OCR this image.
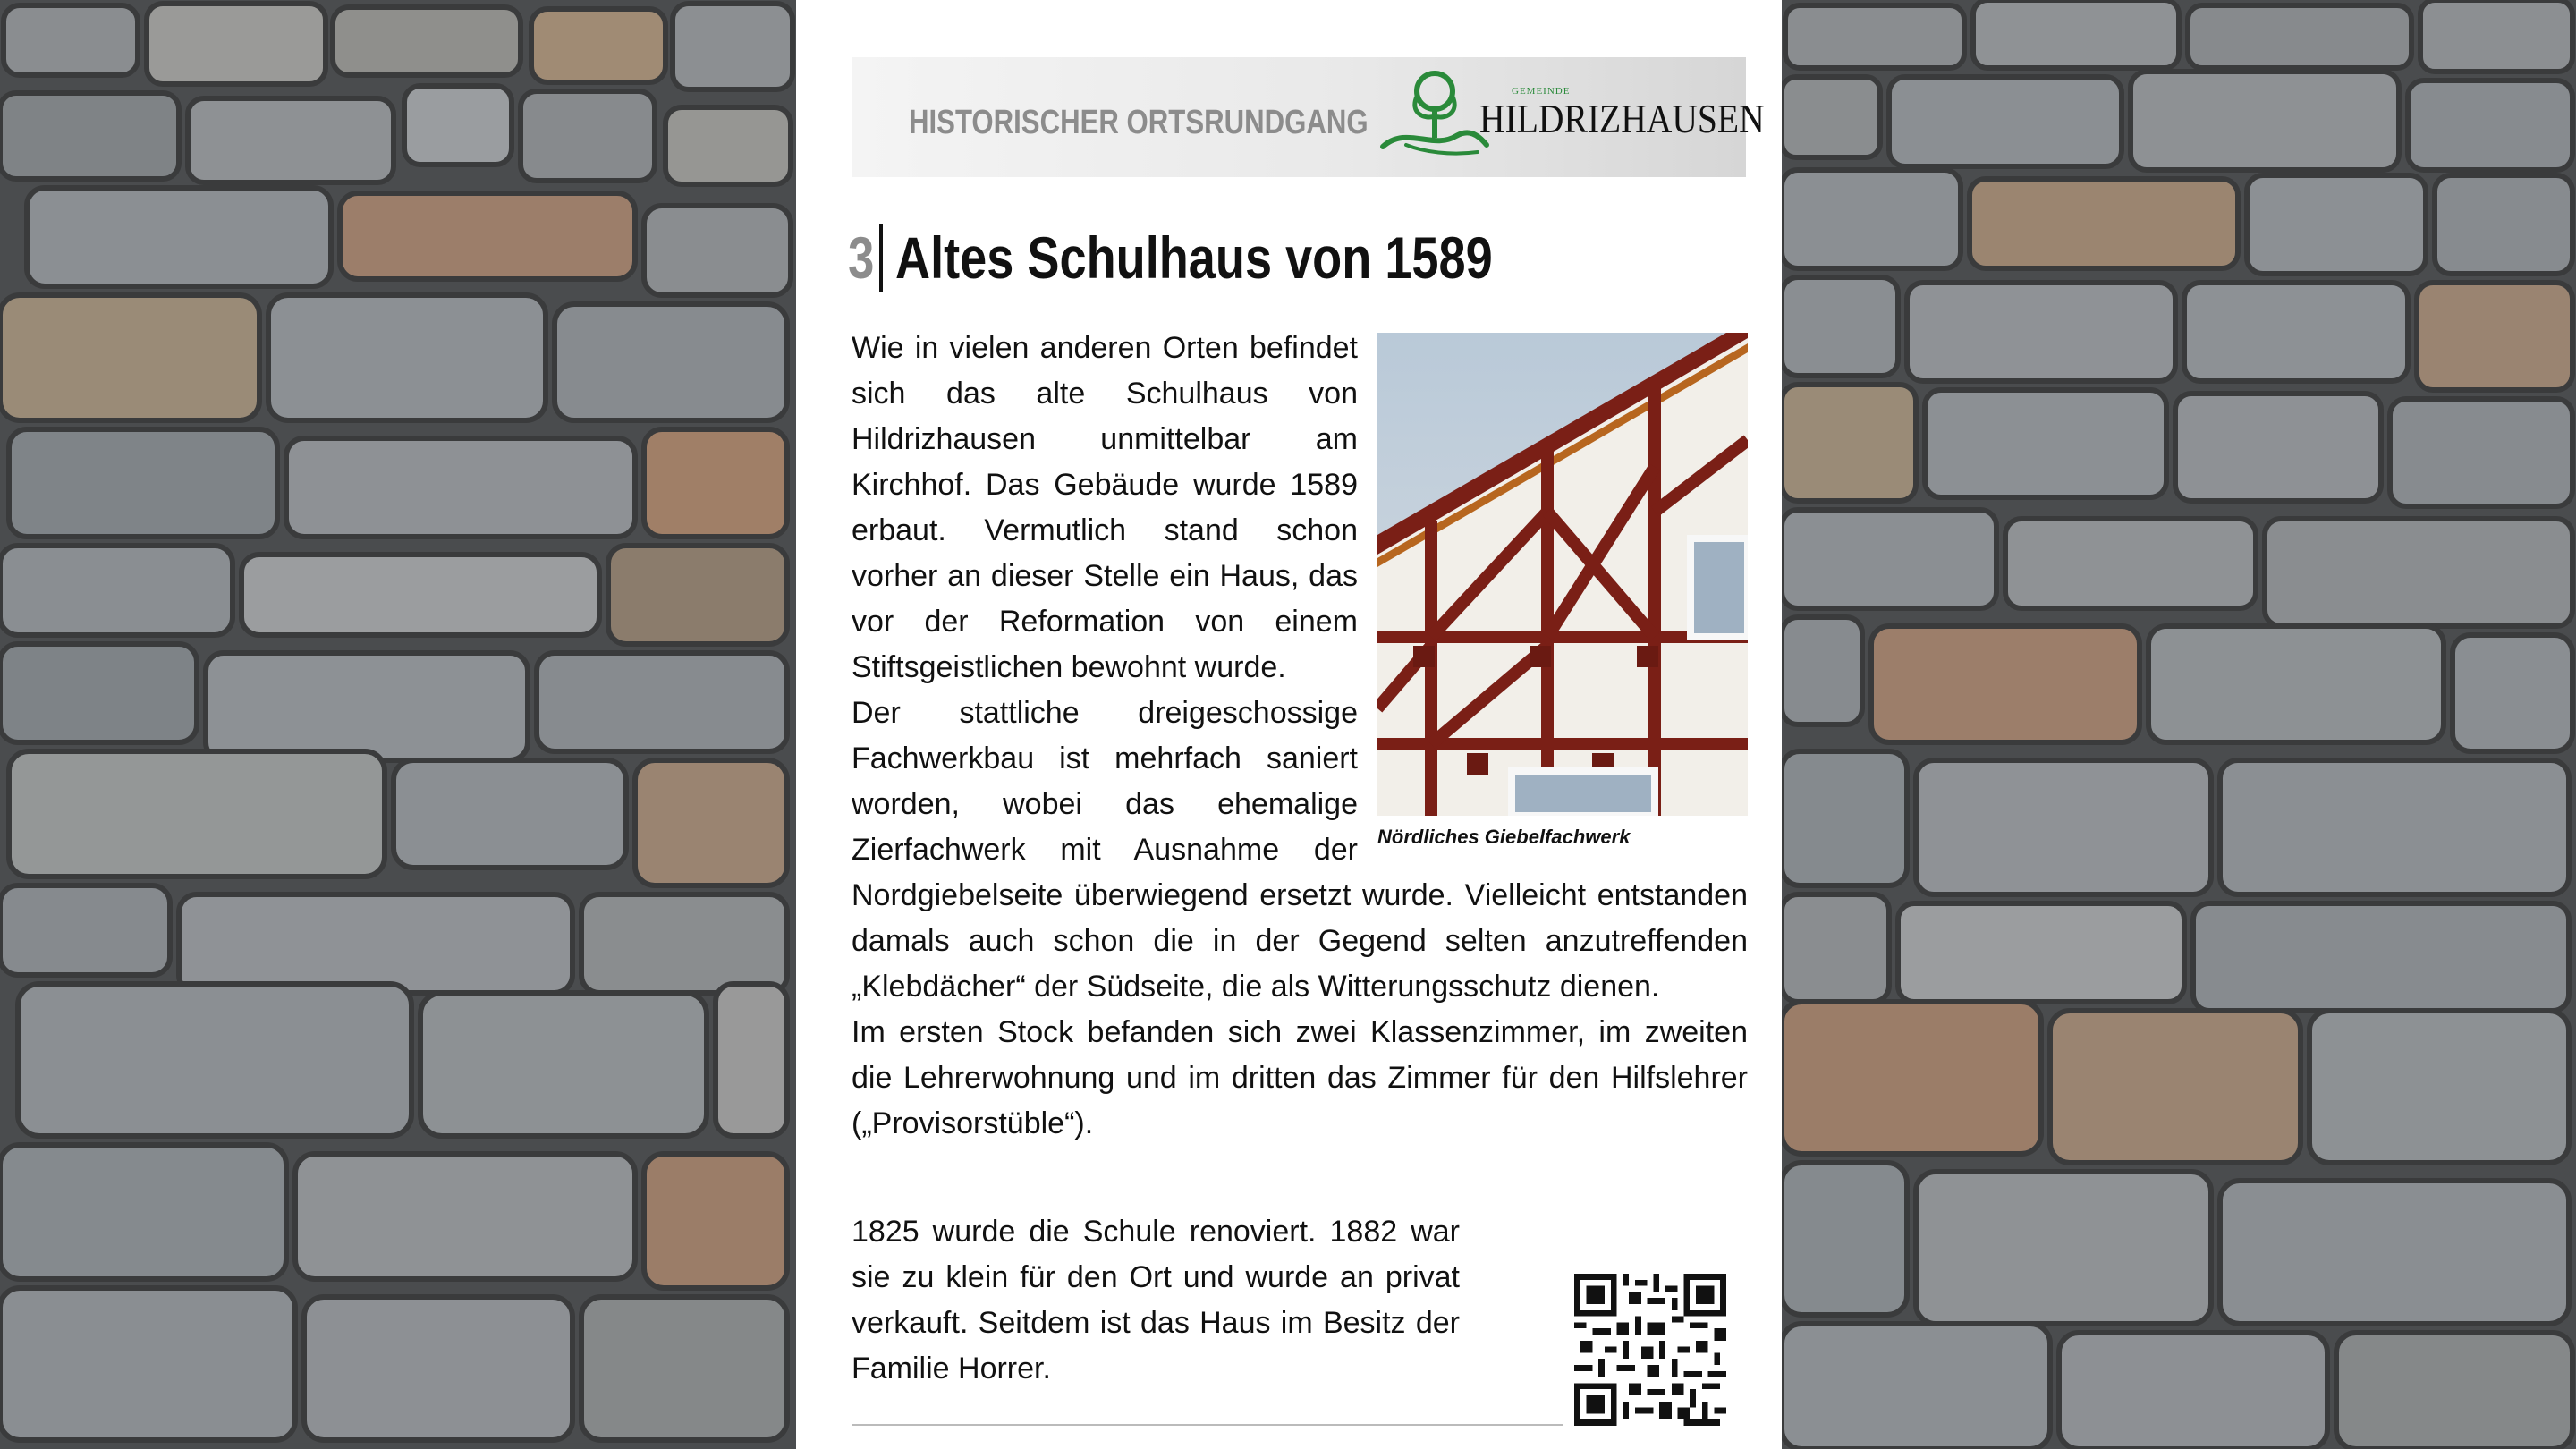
HISTORISCHER ORTSRUNDGANG
GEMEINDE
HILDRIZHAUSEN
3 Altes Schulhaus von 1589
Nördliches Giebelfachwerk

Wie in vielen anderen Orten befindet sich das alte Schulhaus von Hildrizhausen unmittelbar am Kirchhof. Das Gebäude wurde 1589 erbaut. Vermutlich stand schon vorher an dieser Stelle ein Haus, das vor der Reformation von einem Stiftsgeistlichen bewohnt wurde.

Der stattliche dreigeschossige Fachwerkbau ist mehrfach saniert worden, wobei das ehemalige Zierfachwerk mit Ausnahme der Nordgiebelseite überwiegend ersetzt wurde. Vielleicht entstanden damals auch schon die in der Gegend selten anzutreffenden „Klebdächer“ der Südseite, die als Witterungsschutz dienen.

Im ersten Stock befanden sich zwei Klassenzimmer, im zweiten die Lehrerwohnung und im dritten das Zimmer für den Hilfslehrer („Provisorstüble“).

1825 wurde die Schule renoviert. 1882 war sie zu klein für den Ort und wurde an privat verkauft. Seitdem ist das Haus im Besitz der Familie Horrer.
